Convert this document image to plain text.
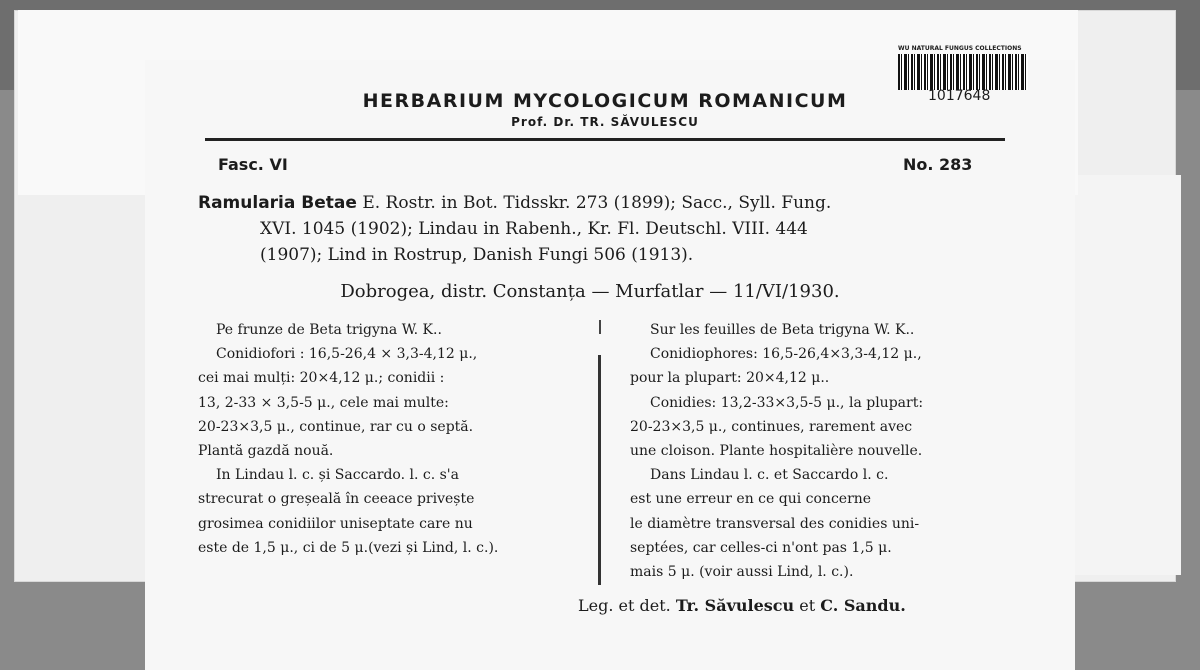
WU NATURAL FUNGUS COLLECTIONS
1017648
HERBARIUM MYCOLOGICUM ROMANICUM
Prof. Dr. TR. SĂVULESCU
Fasc. VI	No. 283
Ramularia Betae E. Rostr. in Bot. Tidsskr. 273 (1899); Sacc., Syll. Fung.
XVI. 1045 (1902); Lindau in Rabenh., Kr. Fl. Deutschl. VIII. 444
(1907); Lind in Rostrup, Danish Fungi 506 (1913).
Dobrogea, distr. Constanța — Murfatlar — 11/VI/1930.
Pe frunze de Beta trigyna W. K..
Conidiofori : 16,5-26,4 × 3,3-4,12 μ.,
cei mai mulți: 20×4,12 μ.; conidii :
13, 2-33 × 3,5-5 μ., cele mai multe:
20-23×3,5 μ., continue, rar cu o septă.
Plantă gazdă nouă.
In Lindau l. c. și Saccardo. l. c. s'a
strecurat o greșeală în ceeace privește
grosimea conidiilor uniseptate care nu
este de 1,5 μ., ci de 5 μ.(vezi și Lind, l. c.).
Sur les feuilles de Beta trigyna W. K..
Conidiophores: 16,5-26,4×3,3-4,12 μ.,
pour la plupart: 20×4,12 μ..
Conidies: 13,2-33×3,5-5 μ., la plupart:
20-23×3,5 μ., continues, rarement avec
une cloison. Plante hospitalière nouvelle.
Dans Lindau l. c. et Saccardo l. c.
est une erreur en ce qui concerne
le diamètre transversal des conidies uni-
septées, car celles-ci n'ont pas 1,5 μ.
mais 5 μ. (voir aussi Lind, l. c.).
Leg. et det. Tr. Săvulescu et C. Sandu.
